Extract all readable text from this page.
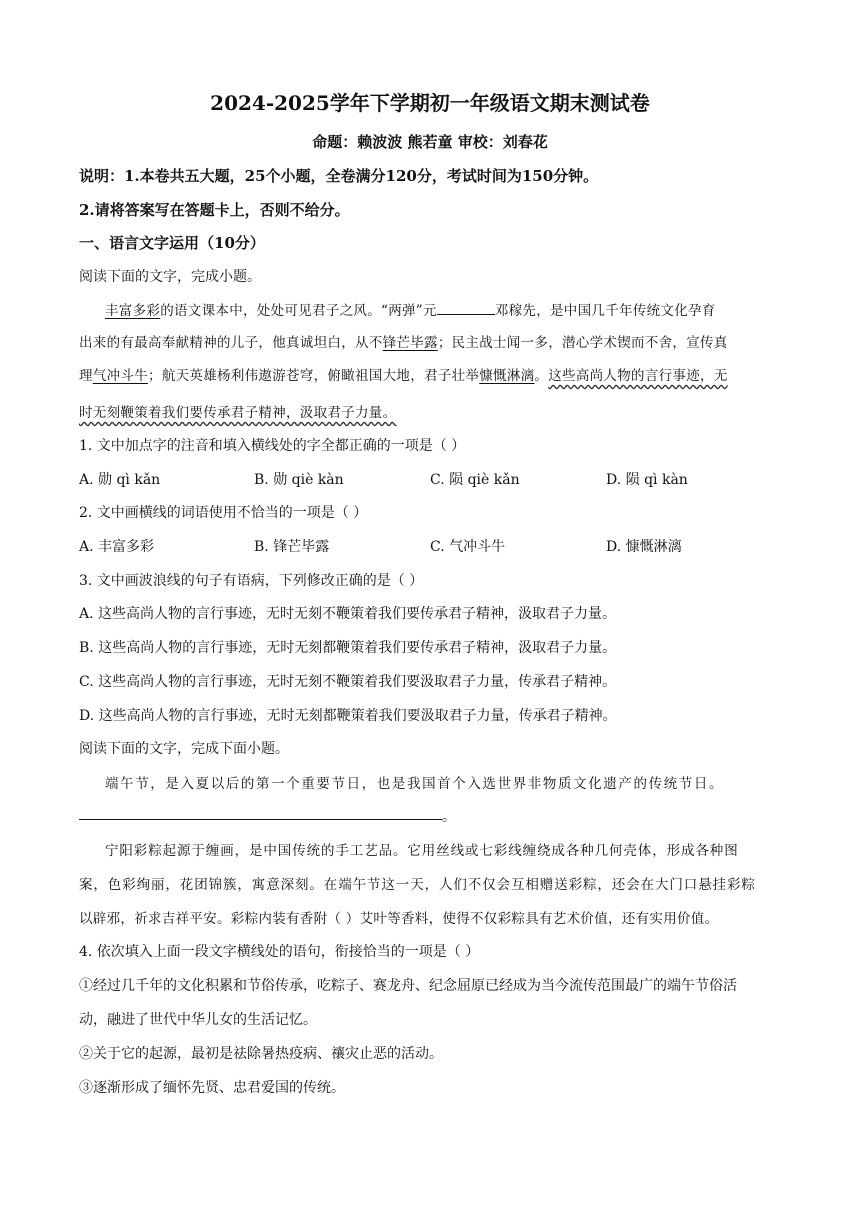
2024-2025学年下学期初一年级语文期末测试卷
命题：赖波波 熊若童 审校：刘春花
说明：1.本卷共五大题，25个小题，全卷满分120分，考试时间为150分钟。
2.请将答案写在答题卡上，否则不给分。
一、语言文字运用（10分）
阅读下面的文字，完成小题。
丰富多彩的语文课本中，处处可见君子之风。“两弹”元	邓稼先，是中国几千年传统文化孕育
出来的有最高奉献精神的儿子，他真诚坦白，从不锋芒毕露；民主战士闻一多，潜心学术锲而不舍，宣传真
理气冲斗牛；航天英雄杨利伟遨游苍穹，俯瞰祖国大地，君子壮举慷慨淋漓。这些高尚人物的言行事迹，无
时无刻鞭策着我们要传承君子精神，汲取君子力量。
1. 文中加点字的注音和填入横线处的字全都正确的一项是（ ）
A. 勋 qì kǎn	B. 勋 qiè kàn	C. 陨 qiè kǎn	D. 陨 qì kàn
2. 文中画横线的词语使用不恰当的一项是（ ）
A. 丰富多彩	B. 锋芒毕露	C. 气冲斗牛	D. 慷慨淋漓
3. 文中画波浪线的句子有语病，下列修改正确的是（ ）
A. 这些高尚人物的言行事迹，无时无刻不鞭策着我们要传承君子精神，汲取君子力量。
B. 这些高尚人物的言行事迹，无时无刻都鞭策着我们要传承君子精神，汲取君子力量。
C. 这些高尚人物的言行事迹，无时无刻不鞭策着我们要汲取君子力量，传承君子精神。
D. 这些高尚人物的言行事迹，无时无刻都鞭策着我们要汲取君子力量，传承君子精神。
阅读下面的文字，完成下面小题。
端午节，是入夏以后的第一个重要节日，也是我国首个入选世界非物质文化遗产的传统节日。
。
宁阳彩粽起源于缠画，是中国传统的手工艺品。它用丝线或七彩线缠绕成各种几何壳体，形成各种图
案，色彩绚丽，花团锦簇，寓意深刻。在端午节这一天，人们不仅会互相赠送彩粽，还会在大门口悬挂彩粽
以辟邪，祈求吉祥平安。彩粽内装有香附（ ）艾叶等香料，使得不仅彩粽具有艺术价值，还有实用价值。
4. 依次填入上面一段文字横线处的语句，衔接恰当的一项是（ ）
①经过几千年的文化积累和节俗传承，吃粽子、赛龙舟、纪念屈原已经成为当今流传范围最广的端午节俗活
动，融进了世代中华儿女的生活记忆。
②关于它的起源，最初是祛除暑热疫病、禳灾止恶的活动。
③逐渐形成了缅怀先贤、忠君爱国的传统。
